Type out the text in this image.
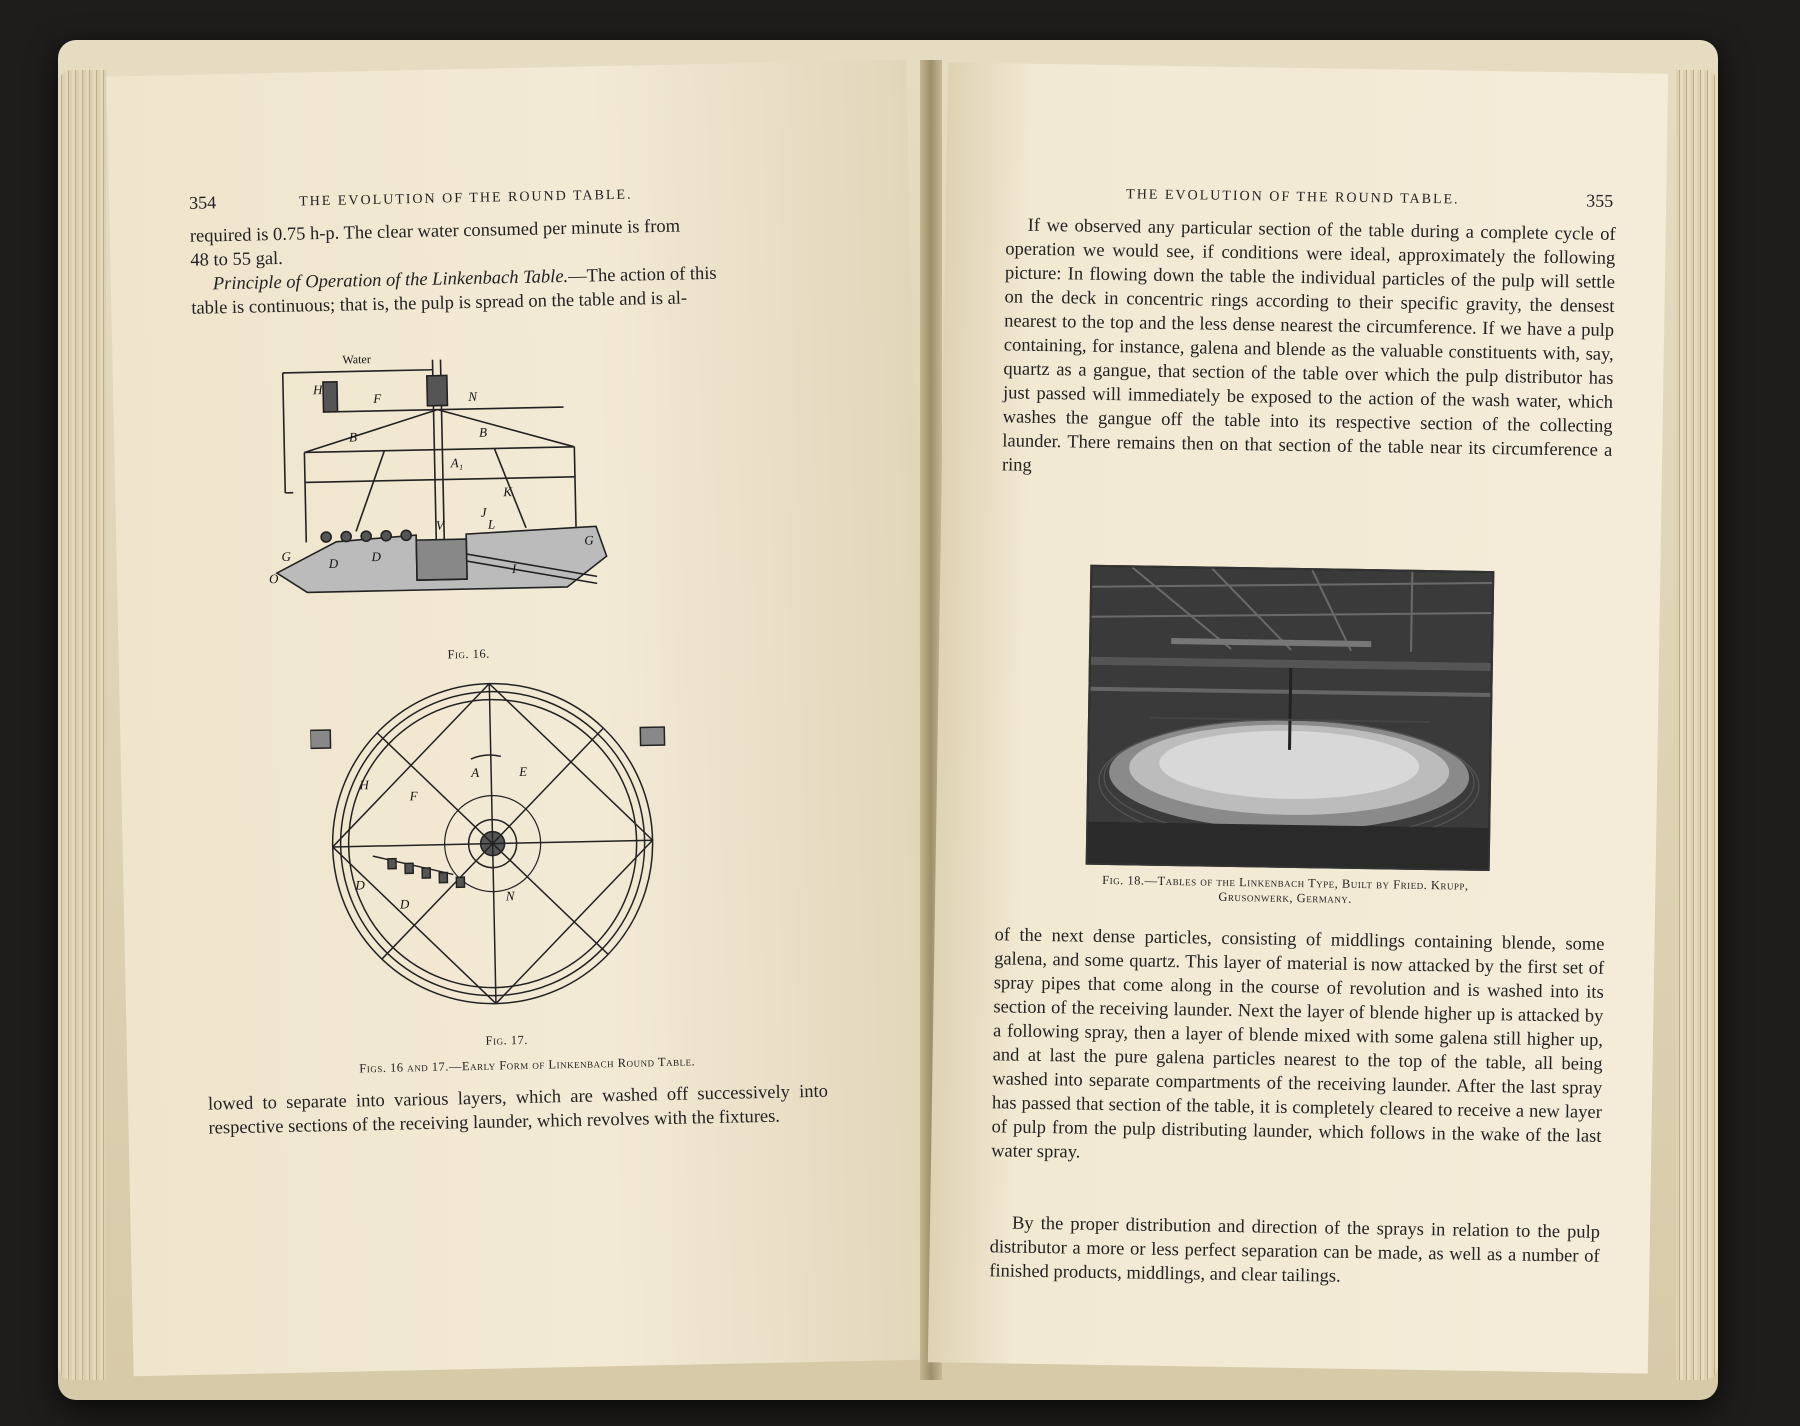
354	THE EVOLUTION OF THE ROUND TABLE.

required is 0.75 h-p. The clear water consumed per minute is from

48 to 55 gal.

Principle of Operation of the Linkenbach Table.—The action of this

table is continuous; that is, the pulp is spread on the table and is al-

Water
H
F	N
B	B
A₁
K
J
L
G
G
O
D	D
I
V
Fig. 16.
A	E
H
F
D
D
N
Fig. 17.
Figs. 16 and 17.—Early Form of Linkenbach Round Table.
lowed to separate into various layers, which are washed off successively into respective sections of the receiving launder, which revolves with the fixtures.
THE EVOLUTION OF THE ROUND TABLE.	355
If we observed any particular section of the table during a complete cycle of operation we would see, if conditions were ideal, approximately the following picture: In flowing down the table the individual particles of the pulp will settle on the deck in concentric rings according to their specific gravity, the densest nearest to the top and the less dense nearest the circumference. If we have a pulp containing, for instance, galena and blende as the valuable constituents with, say, quartz as a gangue, that section of the table over which the pulp distributor has just passed will immediately be exposed to the action of the wash water, which washes the gangue off the table into its respective section of the collecting launder. There remains then on that section of the table near its circumference a ring
Fig. 18.—Tables of the Linkenbach Type, Built by Fried. Krupp,
Grusonwerk, Germany.
of the next dense particles, consisting of middlings containing blende, some galena, and some quartz. This layer of material is now attacked by the first set of spray pipes that come along in the course of revolution and is washed into its section of the receiving launder. Next the layer of blende higher up is attacked by a following spray, then a layer of blende mixed with some galena still higher up, and at last the pure galena particles nearest to the top of the table, all being washed into separate compartments of the receiving launder. After the last spray has passed that section of the table, it is completely cleared to receive a new layer of pulp from the pulp distributing launder, which follows in the wake of the last water spray.
By the proper distribution and direction of the sprays in relation to the pulp distributor a more or less perfect separation can be made, as well as a number of finished products, middlings, and clear tailings.
